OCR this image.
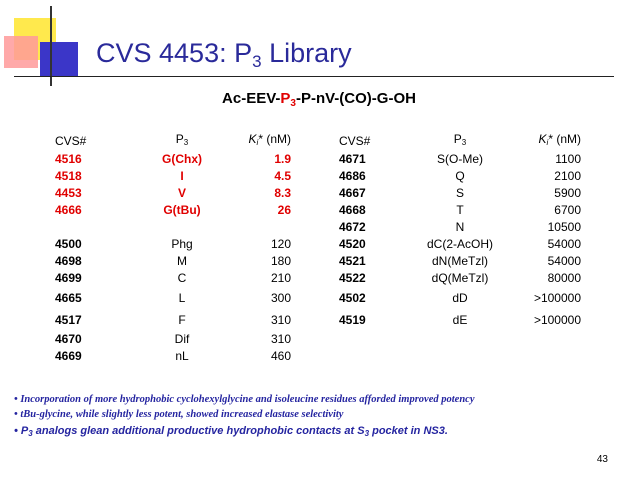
CVS 4453: $P_3$ Library
$Ac-EEV-P_3-P-nV-(CO)-G-OH$
CVS#	$P_3$	$K_i*$ (nM)		CVS#	$P_3$	$K_i*$ (nM)
4516	G(Chx)	1.9		4671	S(O-Me)	1100
4518	I	4.5		4686	Q	2100
4453	V	8.3		4667	S	5900
4666	G(tBu)	26		4668	T	6700
				4672	N	10500
4500	Phg	120		4520	dC(2-AcOH)	54000
4698	M	180		4521	dN(MeTzl)	54000
4699	C	210		4522	dQ(MeTzl)	80000
4665	L	300		4502	dD	>100000
4517	F	310		4519	dE	>100000
4670	Dif	310				
4669	nL	460				
• Incorporation of more hydrophobic cyclohexylglycine and isoleucine residues afforded improved potency
• tBu-glycine, while slightly less potent, showed increased elastase selectivity
• $P_3$ analogs glean additional productive hydrophobic contacts at $S_3$ pocket in NS3.
43
